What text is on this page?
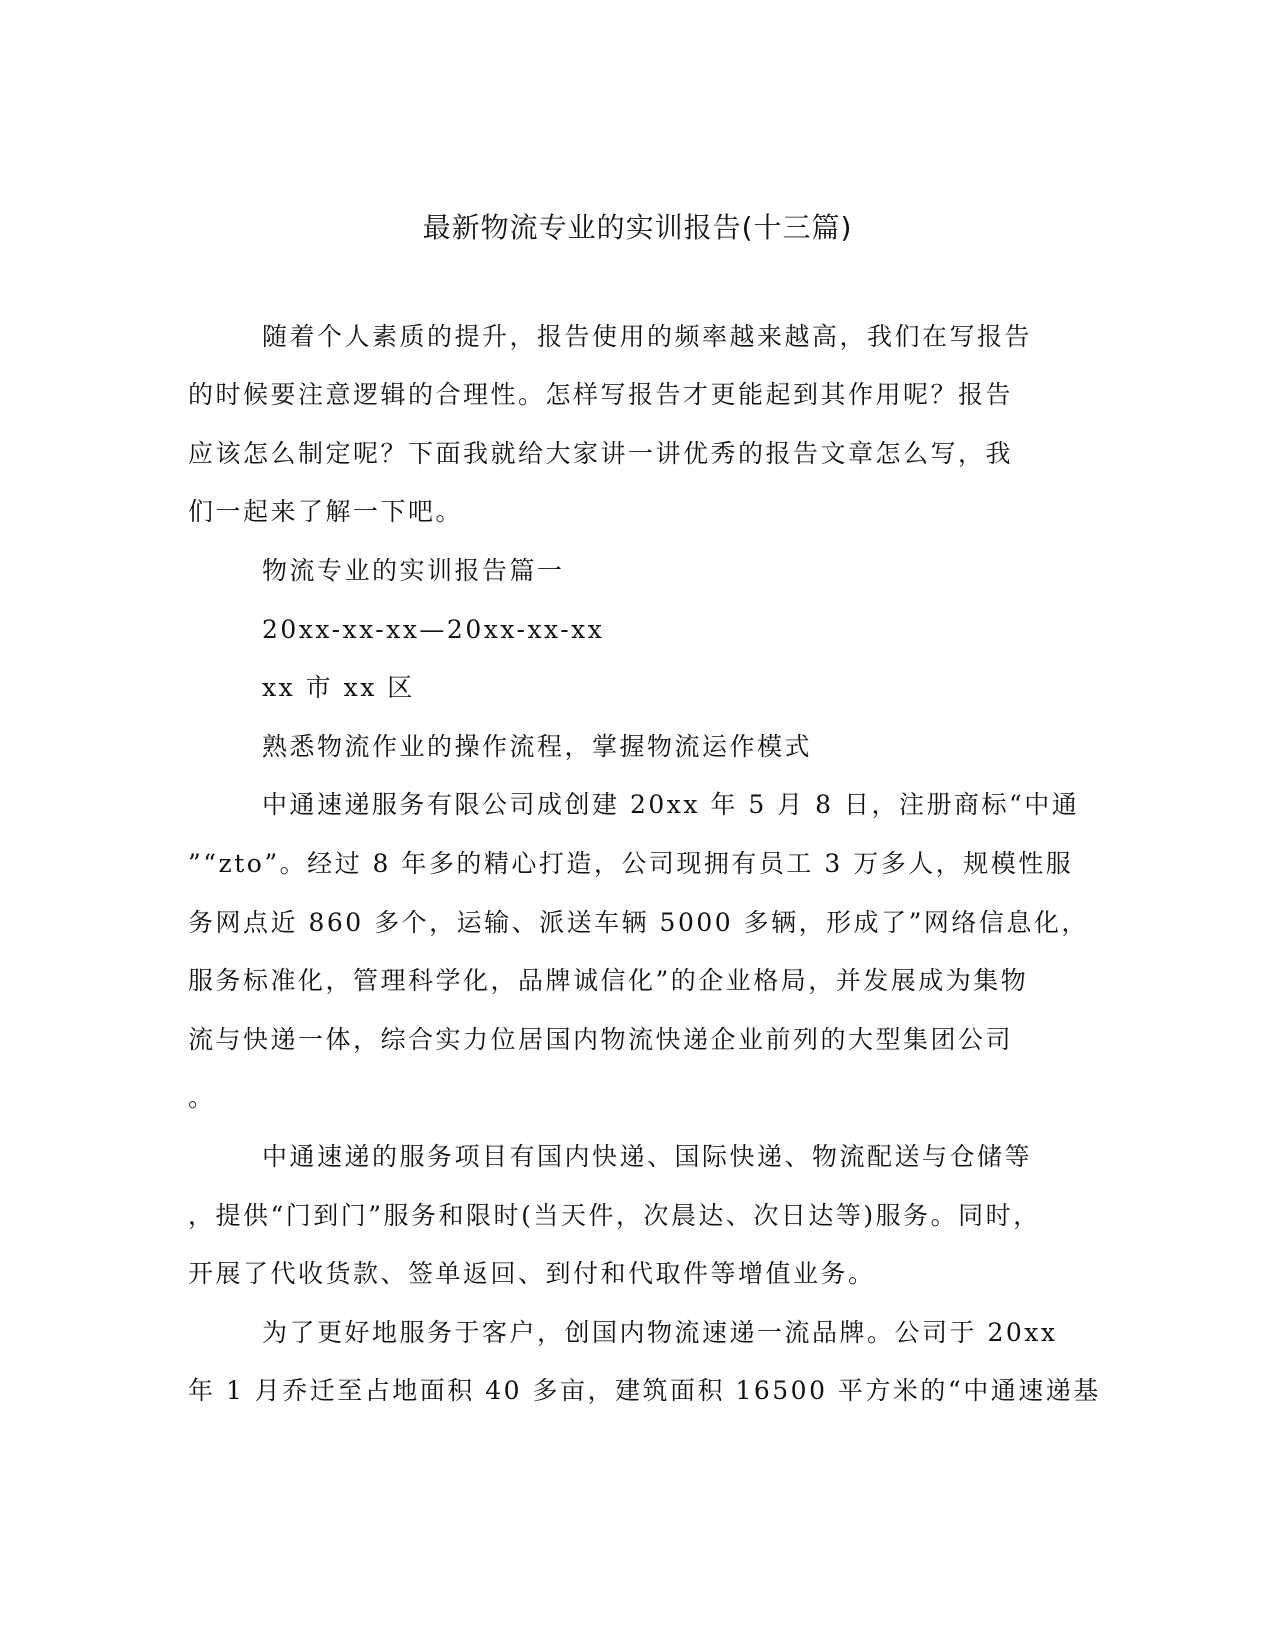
最新物流专业的实训报告(十三篇)
随着个人素质的提升，报告使用的频率越来越高，我们在写报告
的时候要注意逻辑的合理性。怎样写报告才更能起到其作用呢？报告
应该怎么制定呢？下面我就给大家讲一讲优秀的报告文章怎么写，我
们一起来了解一下吧。
物流专业的实训报告篇一
20xx-xx-xx—20xx-xx-xx
xx 市 xx 区
熟悉物流作业的操作流程，掌握物流运作模式
中通速递服务有限公司成创建 20xx 年 5 月 8 日，注册商标“中通
”“zto”。经过 8 年多的精心打造，公司现拥有员工 3 万多人，规模性服
务网点近 860 多个，运输、派送车辆 5000 多辆，形成了”网络信息化，
服务标准化，管理科学化，品牌诚信化”的企业格局，并发展成为集物
流与快递一体，综合实力位居国内物流快递企业前列的大型集团公司
。
中通速递的服务项目有国内快递、国际快递、物流配送与仓储等
，提供“门到门”服务和限时(当天件，次晨达、次日达等)服务。同时，
开展了代收货款、签单返回、到付和代取件等增值业务。
为了更好地服务于客户，创国内物流速递一流品牌。公司于 20xx
年 1 月乔迁至占地面积 40 多亩，建筑面积 16500 平方米的“中通速递基
